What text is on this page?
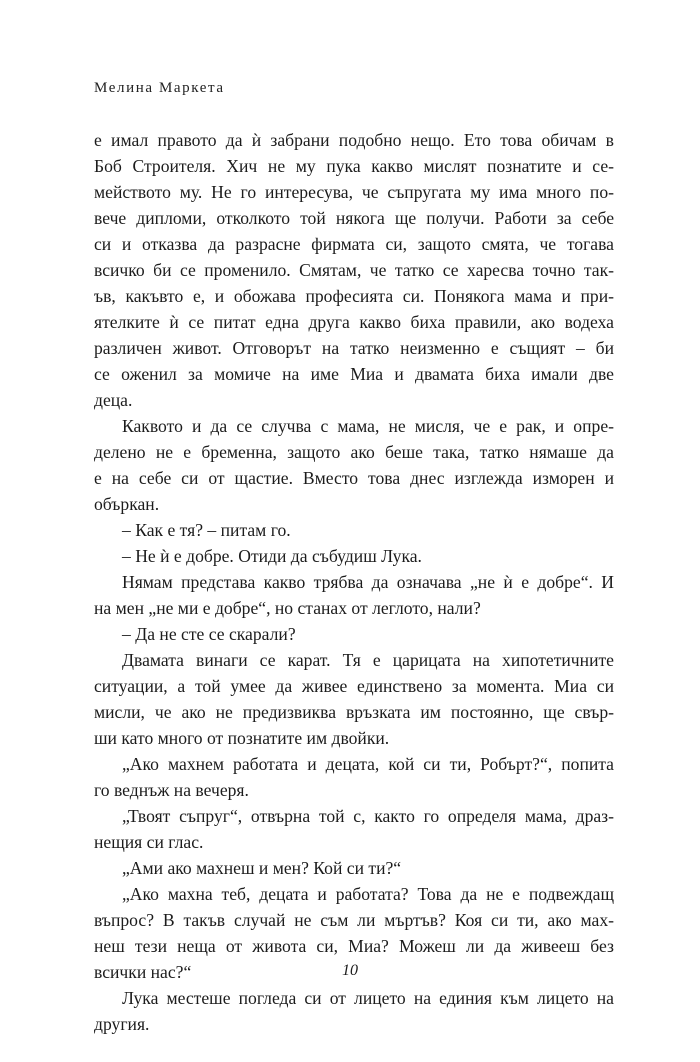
Мелина Маркета
е имал правото да ѝ забрани подобно нещо. Ето това обичам в
Боб Строителя. Хич не му пука какво мислят познатите и се-
мейството му. Не го интересува, че съпругата му има много по-
вече дипломи, отколкото той някога ще получи. Работи за себе
си и отказва да разрасне фирмата си, защото смята, че тогава
всичко би се променило. Смятам, че татко се харесва точно так-
ъв, какъвто е, и обожава професията си. Понякога мама и при-
ятелките ѝ се питат една друга какво биха правили, ако водеха
различен живот. Отговорът на татко неизменно е същият – би
се оженил за момиче на име Миа и двамата биха имали две
деца.
Каквото и да се случва с мама, не мисля, че е рак, и опре-
делено не е бременна, защото ако беше така, татко нямаше да
е на себе си от щастие. Вместо това днес изглежда изморен и
объркан.
– Как е тя? – питам го.
– Не ѝ е добре. Отиди да събудиш Лука.
Нямам представа какво трябва да означава „не ѝ е добре“. И
на мен „не ми е добре“, но станах от леглото, нали?
– Да не сте се скарали?
Двамата винаги се карат. Тя е царицата на хипотетичните
ситуации, а той умее да живее единствено за момента. Миа си
мисли, че ако не предизвиква връзката им постоянно, ще свър-
ши като много от познатите им двойки.
„Ако махнем работата и децата, кой си ти, Робърт?“, попита
го веднъж на вечеря.
„Твоят съпруг“, отвърна той с, както го определя мама, драз-
нещия си глас.
„Ами ако махнеш и мен? Кой си ти?“
„Ако махна теб, децата и работата? Това да не е подвеждащ
въпрос? В такъв случай не съм ли мъртъв? Коя си ти, ако мах-
неш тези неща от живота си, Миа? Можеш ли да живееш без
всички нас?“
Лука местеше погледа си от лицето на единия към лицето на
другия.
10
